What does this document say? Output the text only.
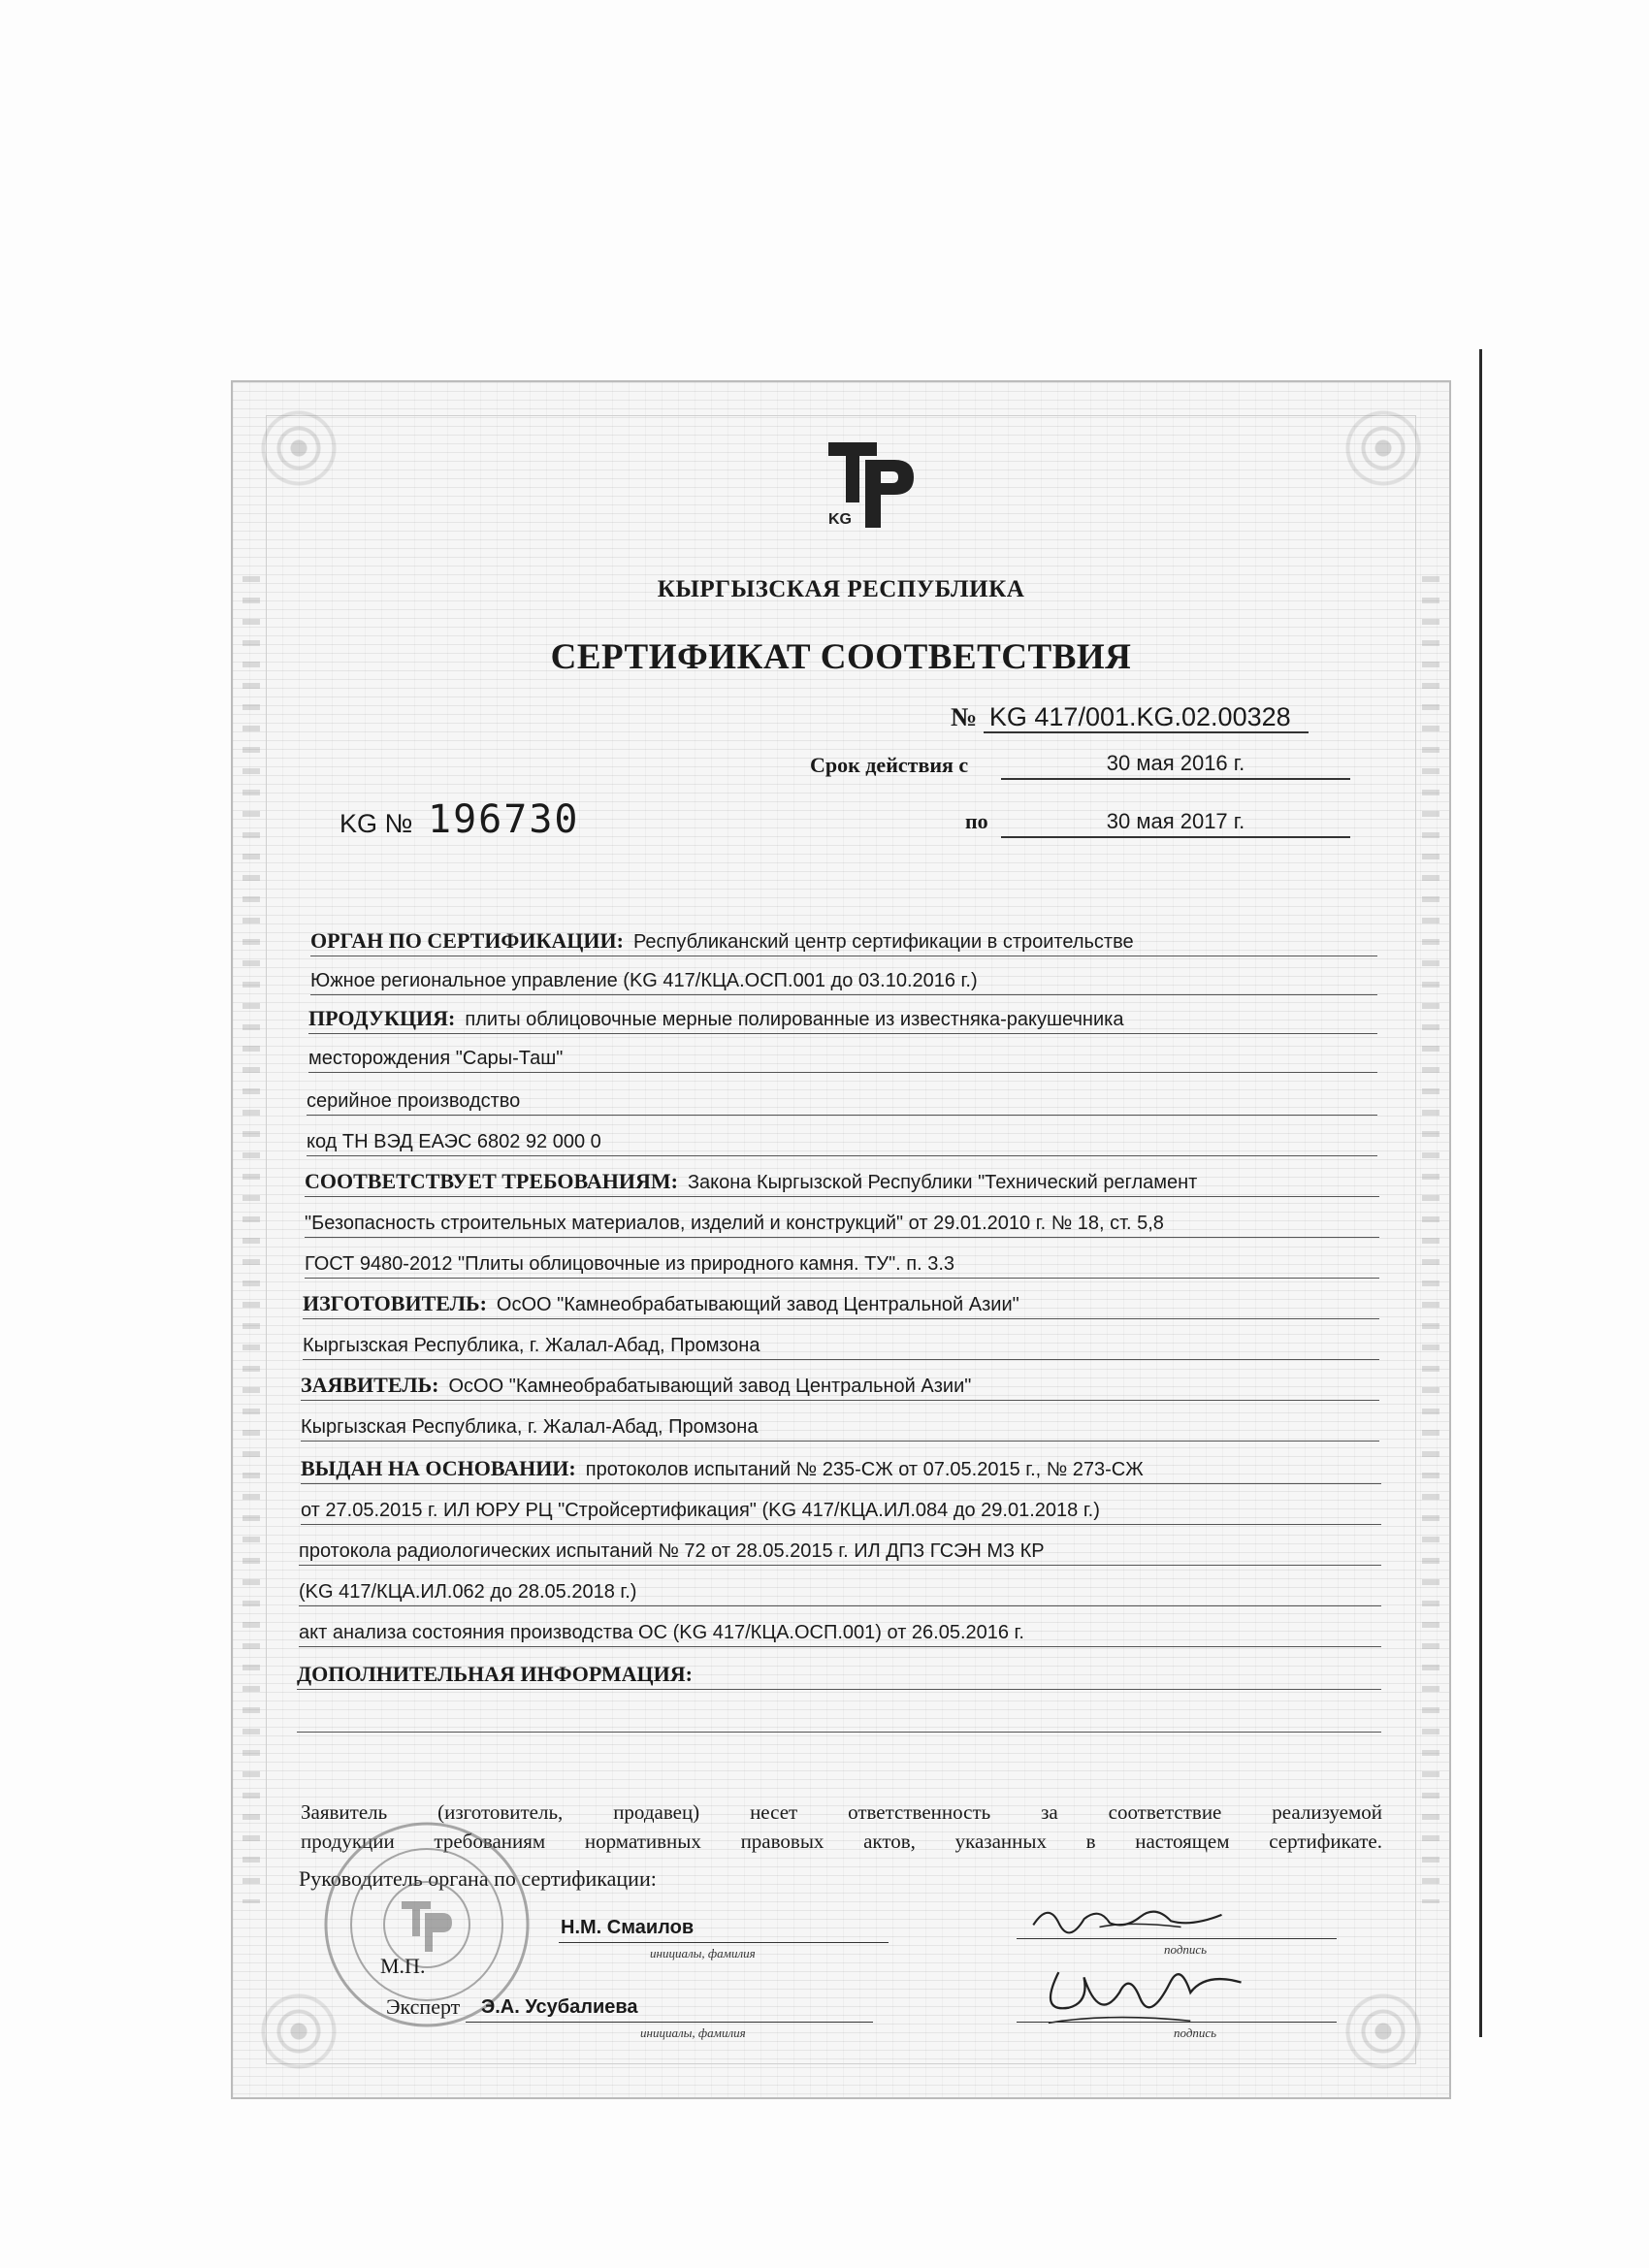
KG
КЫРГЫЗСКАЯ РЕСПУБЛИКА
СЕРТИФИКАТ СООТВЕТСТВИЯ
№ KG 417/001.KG.02.00328
Срок действия с	30 мая 2016 г.
по	30 мая 2017 г.
KG № 196730
ОРГАН ПО СЕРТИФИКАЦИИ: Республиканский центр сертификации в строительстве
Южное региональное управление (KG 417/КЦА.ОСП.001 до 03.10.2016 г.)
ПРОДУКЦИЯ: плиты облицовочные мерные полированные из известняка-ракушечника
месторождения "Сары-Таш"
серийное производство
код ТН ВЭД ЕАЭС 6802 92 000 0
СООТВЕТСТВУЕТ ТРЕБОВАНИЯМ: Закона Кыргызской Республики "Технический регламент
"Безопасность строительных материалов, изделий и конструкций" от 29.01.2010 г. № 18, ст. 5,8
ГОСТ 9480-2012 "Плиты облицовочные из природного камня. ТУ". п. 3.3
ИЗГОТОВИТЕЛЬ: ОсОО "Камнеобрабатывающий завод Центральной Азии"
Кыргызская Республика, г. Жалал-Абад, Промзона
ЗАЯВИТЕЛЬ: ОсОО "Камнеобрабатывающий завод Центральной Азии"
Кыргызская Республика, г. Жалал-Абад, Промзона
ВЫДАН НА ОСНОВАНИИ: протоколов испытаний № 235-СЖ от 07.05.2015 г., № 273-СЖ
от 27.05.2015 г. ИЛ ЮРУ РЦ "Стройсертификация" (KG 417/КЦА.ИЛ.084 до 29.01.2018 г.)
протокола радиологических испытаний № 72 от 28.05.2015 г. ИЛ ДПЗ ГСЭН МЗ КР
(KG 417/КЦА.ИЛ.062 до 28.05.2018 г.)
акт анализа состояния производства ОС (KG 417/КЦА.ОСП.001) от 26.05.2016 г.
ДОПОЛНИТЕЛЬНАЯ ИНФОРМАЦИЯ:
Заявитель (изготовитель, продавец) несет ответственность за соответствие реализуемой
продукции требованиям нормативных правовых актов, указанных в настоящем сертификате.
Руководитель органа по сертификации:
Н.М. Смаилов
инициалы, фамилия	подпись
М.П.
Эксперт Э.А. Усубалиева
инициалы, фамилия	подпись
